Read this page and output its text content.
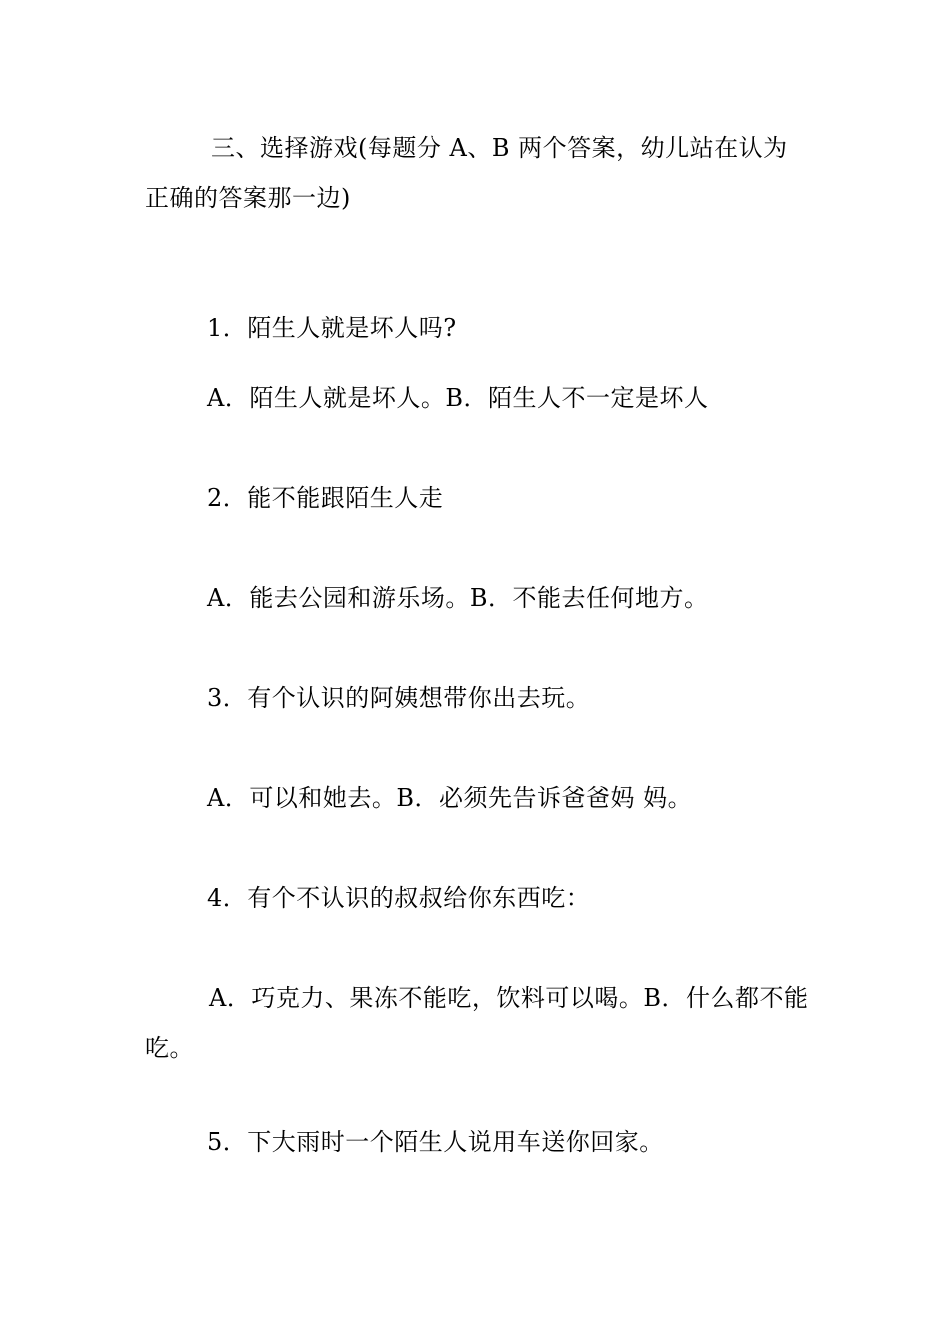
三、选择游戏(每题分 A、B 两个答案，幼儿站在认为正确的答案那一边)

1．陌生人就是坏人吗?

A．陌生人就是坏人。B．陌生人不一定是坏人

2．能不能跟陌生人走

A．能去公园和游乐场。B．不能去任何地方。

3．有个认识的阿姨想带你出去玩。

A．可以和她去。B．必须先告诉爸爸妈 妈。

4．有个不认识的叔叔给你东西吃：

A．巧克力、果冻不能吃，饮料可以喝。B．什么都不能吃。

5．下大雨时一个陌生人说用车送你回家。
